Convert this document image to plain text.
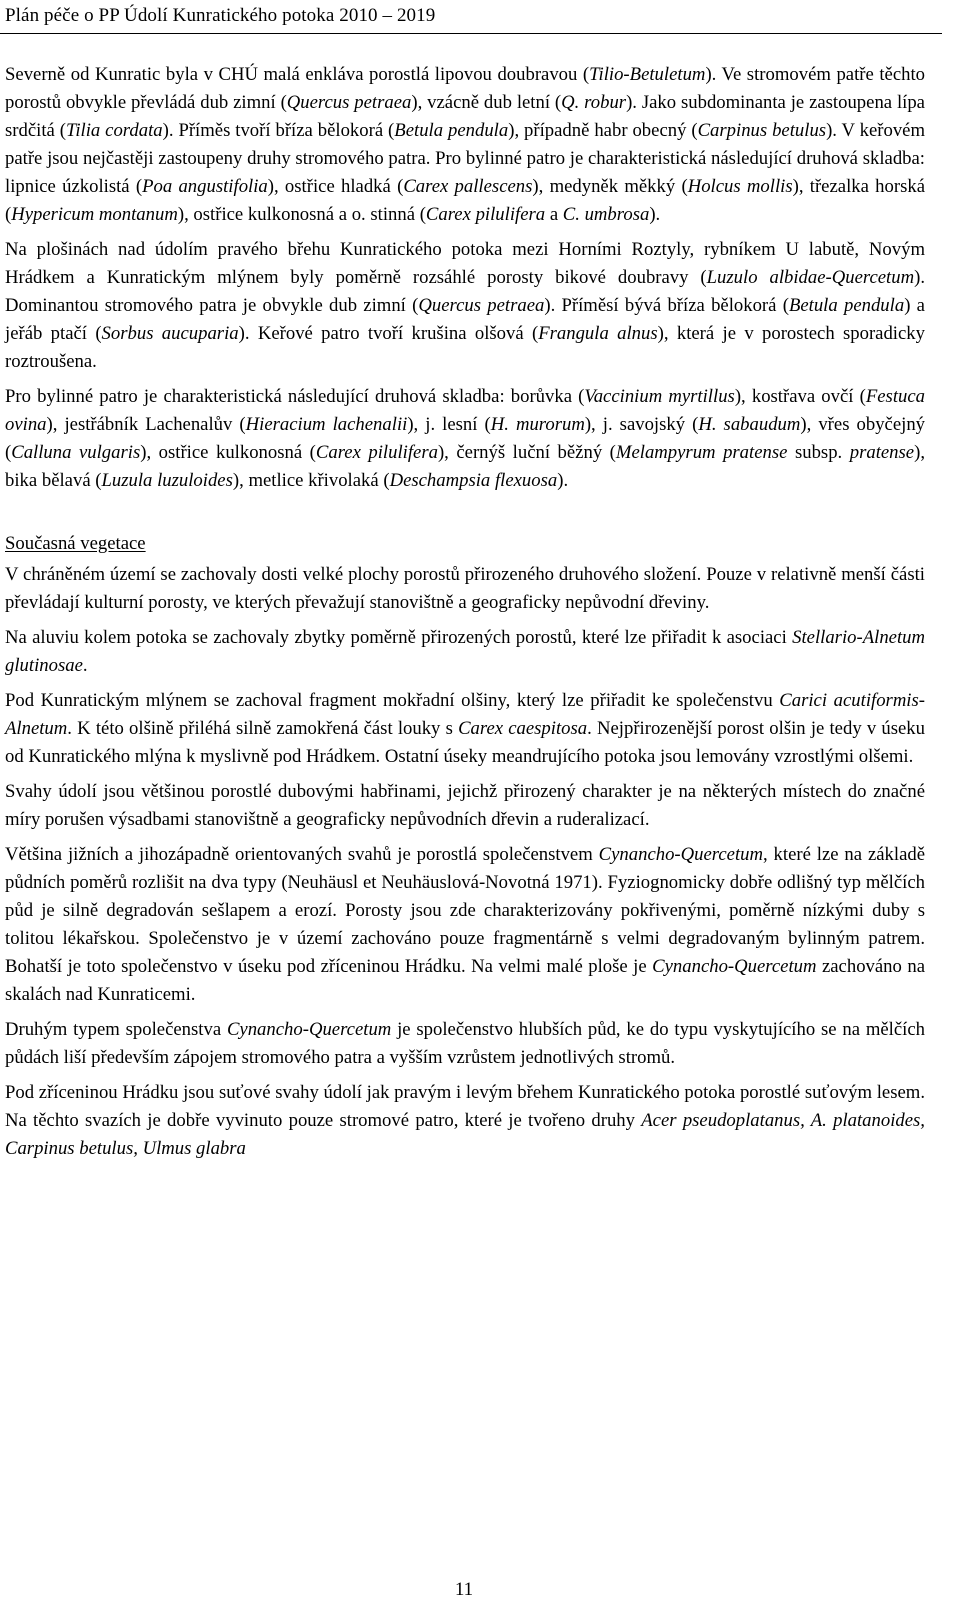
Plán péče o PP Údolí Kunratického potoka 2010 – 2019

Severně od Kunratic byla v CHÚ malá enkláva porostlá lipovou doubravou (Tilio-Betuletum). Ve stromovém patře těchto porostů obvykle převládá dub zimní (Quercus petraea), vzácně dub letní (Q. robur). Jako subdominanta je zastoupena lípa srdčitá (Tilia cordata). Příměs tvoří bříza bělokorá (Betula pendula), případně habr obecný (Carpinus betulus). V keřovém patře jsou nejčastěji zastoupeny druhy stromového patra. Pro bylinné patro je charakteristická následující druhová skladba: lipnice úzkolistá (Poa angustifolia), ostřice hladká (Carex pallescens), medyněk měkký (Holcus mollis), třezalka horská (Hypericum montanum), ostřice kulkonosná a o. stinná (Carex pilulifera a C. umbrosa).

Na plošinách nad údolím pravého břehu Kunratického potoka mezi Horními Roztyly, rybníkem U labutě, Novým Hrádkem a Kunratickým mlýnem byly poměrně rozsáhlé porosty bikové doubravy (Luzulo albidae-Quercetum). Dominantou stromového patra je obvykle dub zimní (Quercus petraea). Příměsí bývá bříza bělokorá (Betula pendula) a jeřáb ptačí (Sorbus aucuparia). Keřové patro tvoří krušina olšová (Frangula alnus), která je v porostech sporadicky roztroušena.

Pro bylinné patro je charakteristická následující druhová skladba: borůvka (Vaccinium myrtillus), kostřava ovčí (Festuca ovina), jestřábník Lachenalův (Hieracium lachenalii), j. lesní (H. murorum), j. savojský (H. sabaudum), vřes obyčejný (Calluna vulgaris), ostřice kulkonosná (Carex pilulifera), černýš luční běžný (Melampyrum pratense subsp. pratense), bika bělavá (Luzula luzuloides), metlice křivolaká (Deschampsia flexuosa).

Současná vegetace

V chráněném území se zachovaly dosti velké plochy porostů přirozeného druhového složení. Pouze v relativně menší části převládají kulturní porosty, ve kterých převažují stanovištně a geograficky nepůvodní dřeviny.

Na aluviu kolem potoka se zachovaly zbytky poměrně přirozených porostů, které lze přiřadit k asociaci Stellario-Alnetum glutinosae.

Pod Kunratickým mlýnem se zachoval fragment mokřadní olšiny, který lze přiřadit ke společenstvu Carici acutiformis-Alnetum. K této olšině přiléhá silně zamokřená část louky s Carex caespitosa. Nejpřirozenější porost olšin je tedy v úseku od Kunratického mlýna k myslivně pod Hrádkem. Ostatní úseky meandrujícího potoka jsou lemovány vzrostlými olšemi.

Svahy údolí jsou většinou porostlé dubovými habřinami, jejichž přirozený charakter je na některých místech do značné míry porušen výsadbami stanovištně a geograficky nepůvodních dřevin a ruderalizací.

Většina jižních a jihozápadně orientovaných svahů je porostlá společenstvem Cynancho-Quercetum, které lze na základě půdních poměrů rozlišit na dva typy (Neuhäusl et Neuhäuslová-Novotná 1971). Fyziognomicky dobře odlišný typ mělčích půd je silně degradován sešlapem a erozí. Porosty jsou zde charakterizovány pokřivenými, poměrně nízkými duby s tolitou lékařskou. Společenstvo je v území zachováno pouze fragmentárně s velmi degradovaným bylinným patrem. Bohatší je toto společenstvo v úseku pod zříceninou Hrádku. Na velmi malé ploše je Cynancho-Quercetum zachováno na skalách nad Kunraticemi.

Druhým typem společenstva Cynancho-Quercetum je společenstvo hlubších půd, ke do typu vyskytujícího se na mělčích půdách liší především zápojem stromového patra a vyšším vzrůstem jednotlivých stromů.

Pod zříceninou Hrádku jsou suťové svahy údolí jak pravým i levým břehem Kunratického potoka porostlé suťovým lesem. Na těchto svazích je dobře vyvinuto pouze stromové patro, které je tvořeno druhy Acer pseudoplatanus, A. platanoides, Carpinus betulus, Ulmus glabra

11
